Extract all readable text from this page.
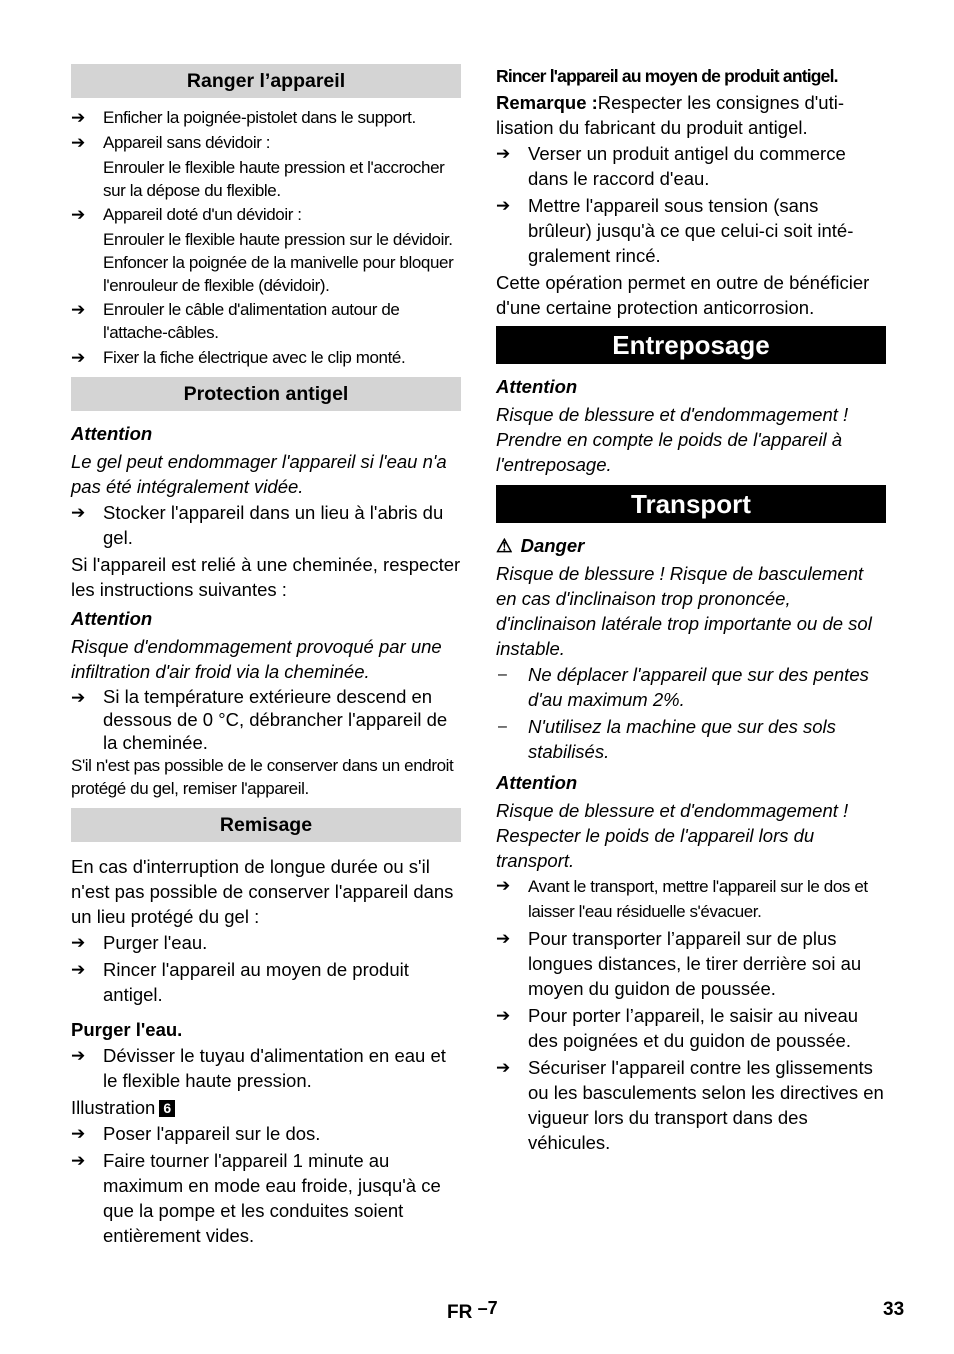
Ranger l’appareil
➔	Enficher la poignée-pistolet dans le support.
➔	Appareil sans dévidoir :
Enrouler le flexible haute pression et l'accrocher sur la dépose du flexible.
➔	Appareil doté d'un dévidoir :
Enrouler le flexible haute pression sur le dévidoir. Enfoncer la poignée de la manivelle pour bloquer l'enrouleur de flexible (dévidoir).
➔	Enrouler le câble d'alimentation autour de l'attache-câbles.
➔	Fixer la fiche électrique avec le clip monté.
Protection antigel
Attention
Le gel peut endommager l'appareil si l'eau n'a pas été intégralement vidée.
➔ Stocker l'appareil dans un lieu à l'abris du gel.
Si l'appareil est relié à une cheminée, respecter les instructions suivantes :
Attention
Risque d'endommagement provoqué par une infiltration d'air froid via la cheminée.
➔ Si la température extérieure descend en dessous de 0 °C, débrancher l'appareil de la cheminée.
S'il n'est pas possible de le conserver dans un endroit protégé du gel, remiser l'appareil.
Remisage
En cas d'interruption de longue durée ou s'il n'est pas possible de conserver l'appareil dans un lieu protégé du gel :
➔ Purger l'eau.
➔ Rincer l'appareil au moyen de produit antigel.
Purger l'eau.
➔ Dévisser le tuyau d'alimentation en eau et le flexible haute pression.
Illustration 6
➔ Poser l'appareil sur le dos.
➔ Faire tourner l'appareil 1 minute au maximum en mode eau froide, jusqu'à ce que la pompe et les conduites soient entièrement vides.
Rincer l'appareil au moyen de produit antigel.
Remarque :Respecter les consignes d'utilisation du fabricant du produit antigel.
➔ Verser un produit antigel du commerce dans le raccord d'eau.
➔ Mettre l'appareil sous tension (sans brûleur) jusqu'à ce que celui-ci soit intégralement rincé.
Cette opération permet en outre de bénéficier d'une certaine protection anticorrosion.
Entreposage
Attention
Risque de blessure et d'endommagement ! Prendre en compte le poids de l'appareil à l'entreposage.
Transport
⚠ Danger
Risque de blessure ! Risque de basculement en cas d'inclinaison trop prononcée, d'inclinaison latérale trop importante ou de sol instable.
–	Ne déplacer l'appareil que sur des pentes d'au maximum 2%.
–	N'utilisez la machine que sur des sols stabilisés.
Attention
Risque de blessure et d'endommagement ! Respecter le poids de l'appareil lors du transport.
➔	Avant le transport, mettre l'appareil sur le dos et laisser l'eau résiduelle s'évacuer.
➔ Pour transporter l’appareil sur de plus longues distances, le tirer derrière soi au moyen du guidon de poussée.
➔ Pour porter l’appareil, le saisir au niveau des poignées et du guidon de poussée.
➔ Sécuriser l'appareil contre les glissements ou les basculements selon les directives en vigueur lors du transport dans des véhicules.
FR –7	33
